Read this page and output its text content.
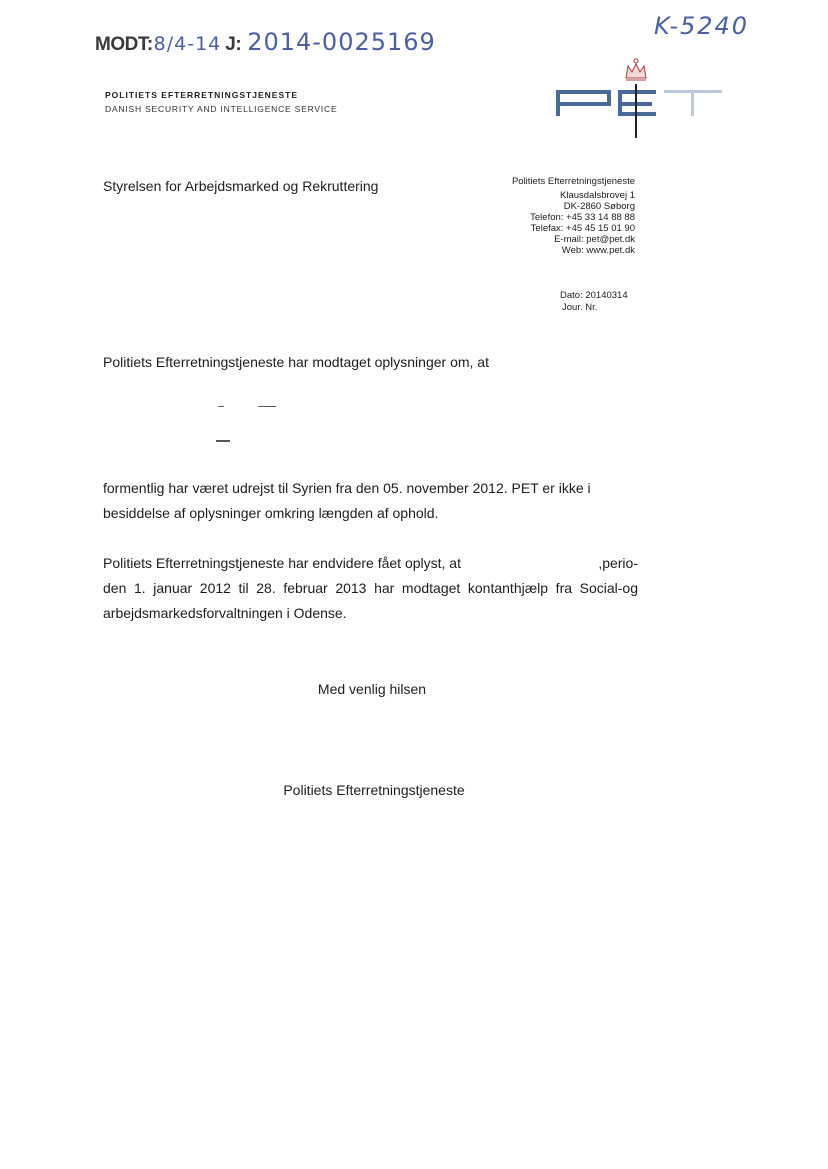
MODT: 8/4-14 J: 2014-0025169
K-5240
POLITIETS EFTERRETNINGSTJENESTE
DANISH SECURITY AND INTELLIGENCE SERVICE
Styrelsen for Arbejdsmarked og Rekruttering	Politiets Efterretningstjeneste
Klausdalsbrovej 1
DK-2860 Søborg
Telefon: +45 33 14 88 88
Telefax: +45 45 15 01 90
E-mail: pet@pet.dk
Web: www.pet.dk
Dato: 20140314
Jour. Nr.
Politiets Efterretningstjeneste har modtaget oplysninger om, at
formentlig har været udrejst til Syrien fra den 05. november 2012. PET er ikke i
besiddelse af oplysninger omkring længden af ophold.
Politiets Efterretningstjeneste har endvidere fået oplyst, at	,perio-
den 1. januar 2012 til 28. februar 2013 har modtaget kontanthjælp fra Social-og arbejdsmarkedsforvaltningen i Odense.
Med venlig hilsen
Politiets Efterretningstjeneste
